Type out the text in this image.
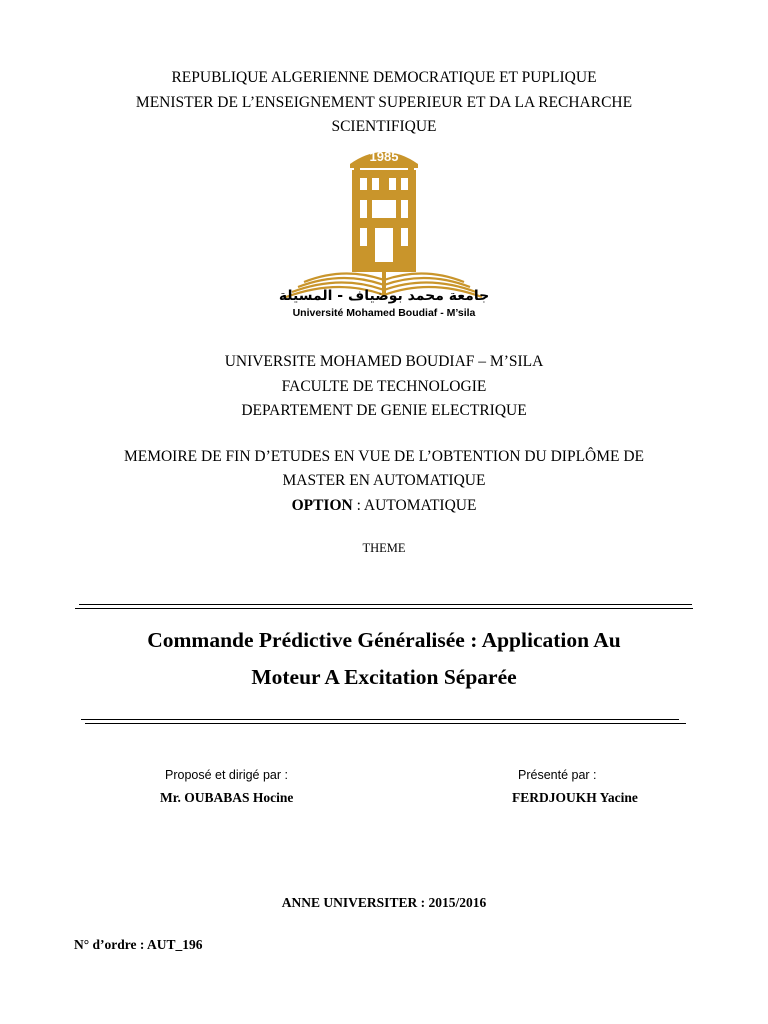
REPUBLIQUE ALGERIENNE DEMOCRATIQUE ET PUPLIQUE
MENISTER DE L’ENSEIGNEMENT SUPERIEUR ET DA LA RECHARCHE
SCIENTIFIQUE
1985
جامعة محمد بوضياف - المسيلة
Université Mohamed Boudiaf - M’sila
UNIVERSITE MOHAMED BOUDIAF – M’SILA
FACULTE DE TECHNOLOGIE
DEPARTEMENT DE GENIE ELECTRIQUE
MEMOIRE DE FIN D’ETUDES EN VUE DE L’OBTENTION DU DIPLÔME DE
MASTER EN AUTOMATIQUE
OPTION : AUTOMATIQUE
THEME
Commande Prédictive Généralisée : Application Au
Moteur A Excitation Séparée
Proposé et dirigé par :
Mr. OUBABAS Hocine
Présenté par :
FERDJOUKH Yacine
ANNE UNIVERSITER : 2015/2016
N° d’ordre : AUT_196
